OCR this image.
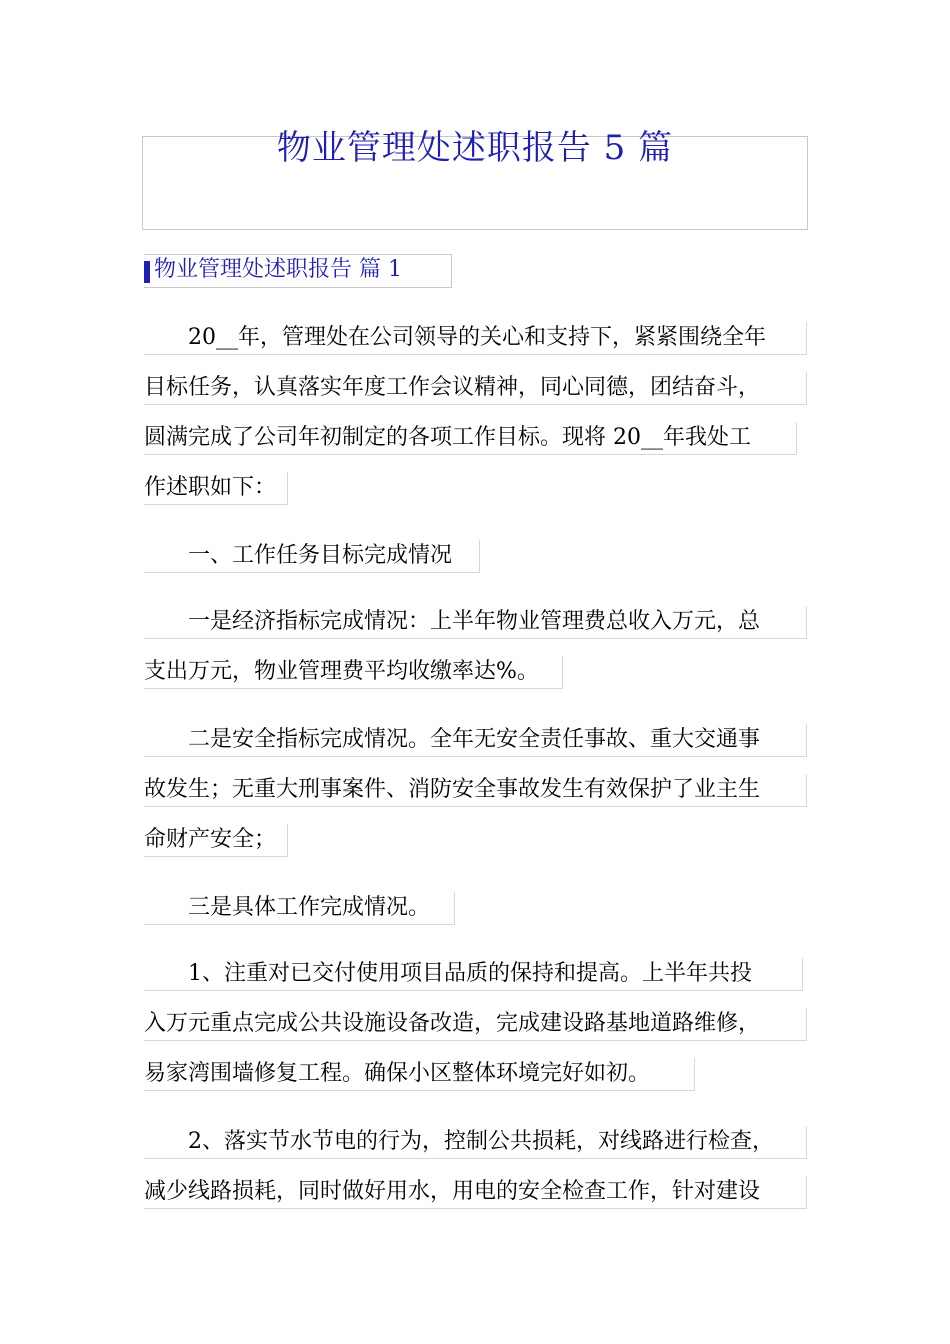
物业管理处述职报告 5 篇
物业管理处述职报告 篇 1
　　20__年，管理处在公司领导的关心和支持下，紧紧围绕全年
目标任务，认真落实年度工作会议精神，同心同德，团结奋斗，
圆满完成了公司年初制定的各项工作目标。现将 20__年我处工
作述职如下：
　　一、工作任务目标完成情况
　　一是经济指标完成情况：上半年物业管理费总收入万元，总
支出万元，物业管理费平均收缴率达%。
　　二是安全指标完成情况。全年无安全责任事故、重大交通事
故发生；无重大刑事案件、消防安全事故发生有效保护了业主生
命财产安全；
　　三是具体工作完成情况。
　　1、注重对已交付使用项目品质的保持和提高。上半年共投
入万元重点完成公共设施设备改造，完成建设路基地道路维修，
易家湾围墙修复工程。确保小区整体环境完好如初。
　　2、落实节水节电的行为，控制公共损耗，对线路进行检查，
减少线路损耗，同时做好用水，用电的安全检查工作，针对建设
